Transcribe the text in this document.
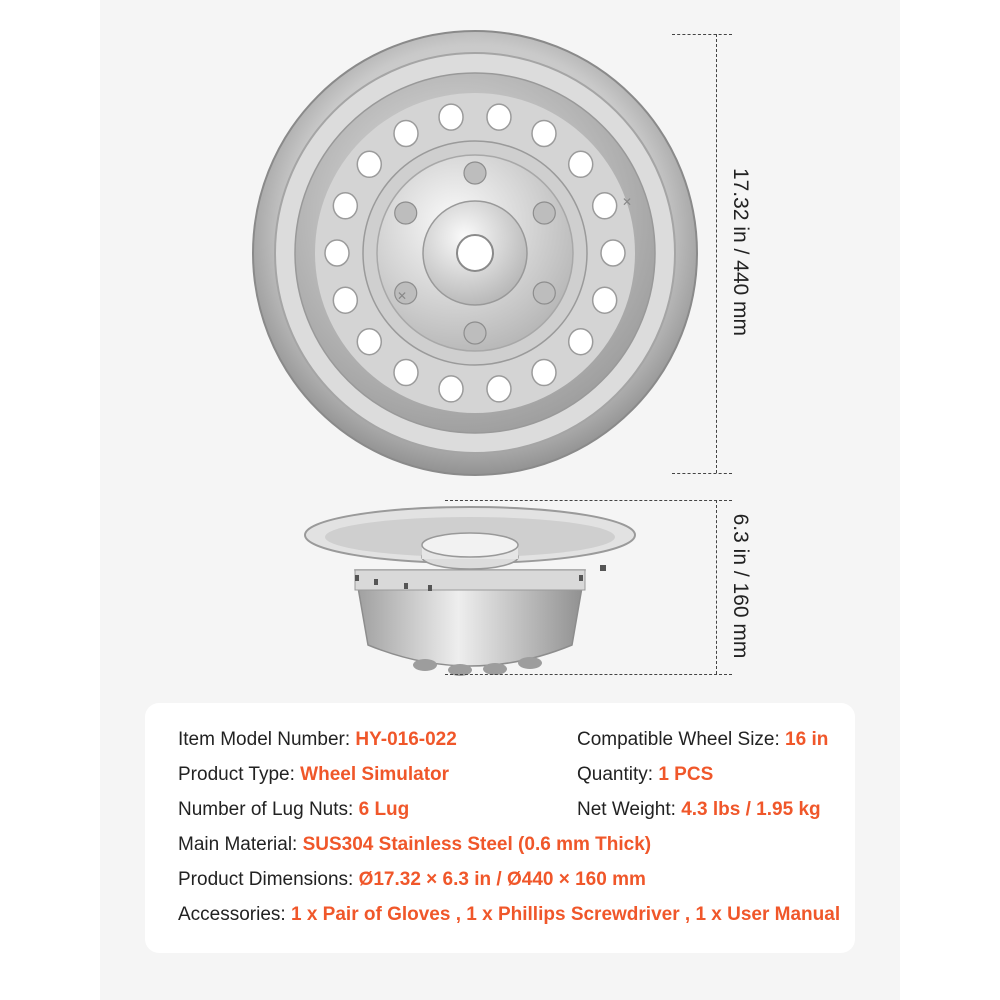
✕
✕	17.32 in / 440 mm
6.3 in / 160 mm
Item Model Number: HY-016-022
Product Type: Wheel Simulator
Number of Lug Nuts: 6 Lug
Main Material: SUS304 Stainless Steel (0.6 mm Thick)
Product Dimensions: Ø17.32 × 6.3 in / Ø440 × 160 mm
Accessories: 1 x Pair of Gloves , 1 x Phillips Screwdriver , 1 x User Manual
Compatible Wheel Size: 16 in
Quantity: 1 PCS
Net Weight: 4.3 lbs / 1.95 kg
